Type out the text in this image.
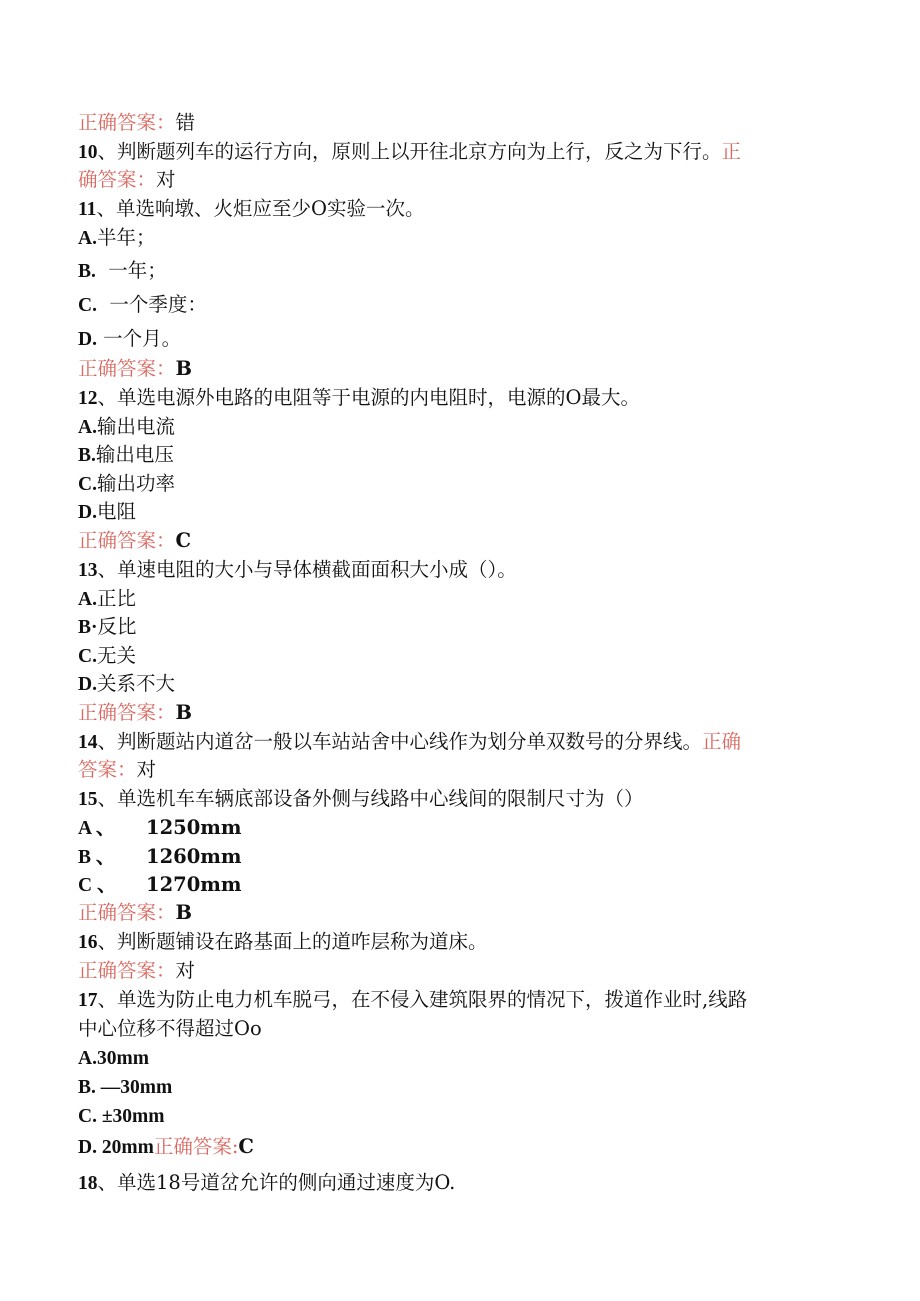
正确答案：错
10、判断题列车的运行方向，原则上以开往北京方向为上行，反之为下行。正
确答案：对
11、单选响墩、火炬应至少O实验一次。
A.半年；
B.  一年；
C.  一个季度：
D. 一个月。
正确答案：B
12、单选电源外电路的电阻等于电源的内电阻时，电源的O最大。
A.输出电流
B.输出电压
C.输出功率
D.电阻
正确答案：C
13、单速电阻的大小与导体横截面面积大小成（）。
A.正比
B·反比
C.无关
D.关系不大
正确答案：B
14、判断题站内道岔一般以车站站舍中心线作为划分单双数号的分界线。正确
答案：对
15、单选机车车辆底部设备外侧与线路中心线间的限制尺寸为（）
A 、 1250mm
B 、 1260mm
C 、 1270mm
正确答案：B
16、判断题铺设在路基面上的道咋层称为道床。
正确答案：对
17、单选为防止电力机车脱弓，在不侵入建筑限界的情况下，拨道作业时,线路
中心位移不得超过Oo
A.30mm
B. —30mm
C. ±30mm
D. 20mm正确答案:C
18、单选18号道岔允许的侧向通过速度为O.
